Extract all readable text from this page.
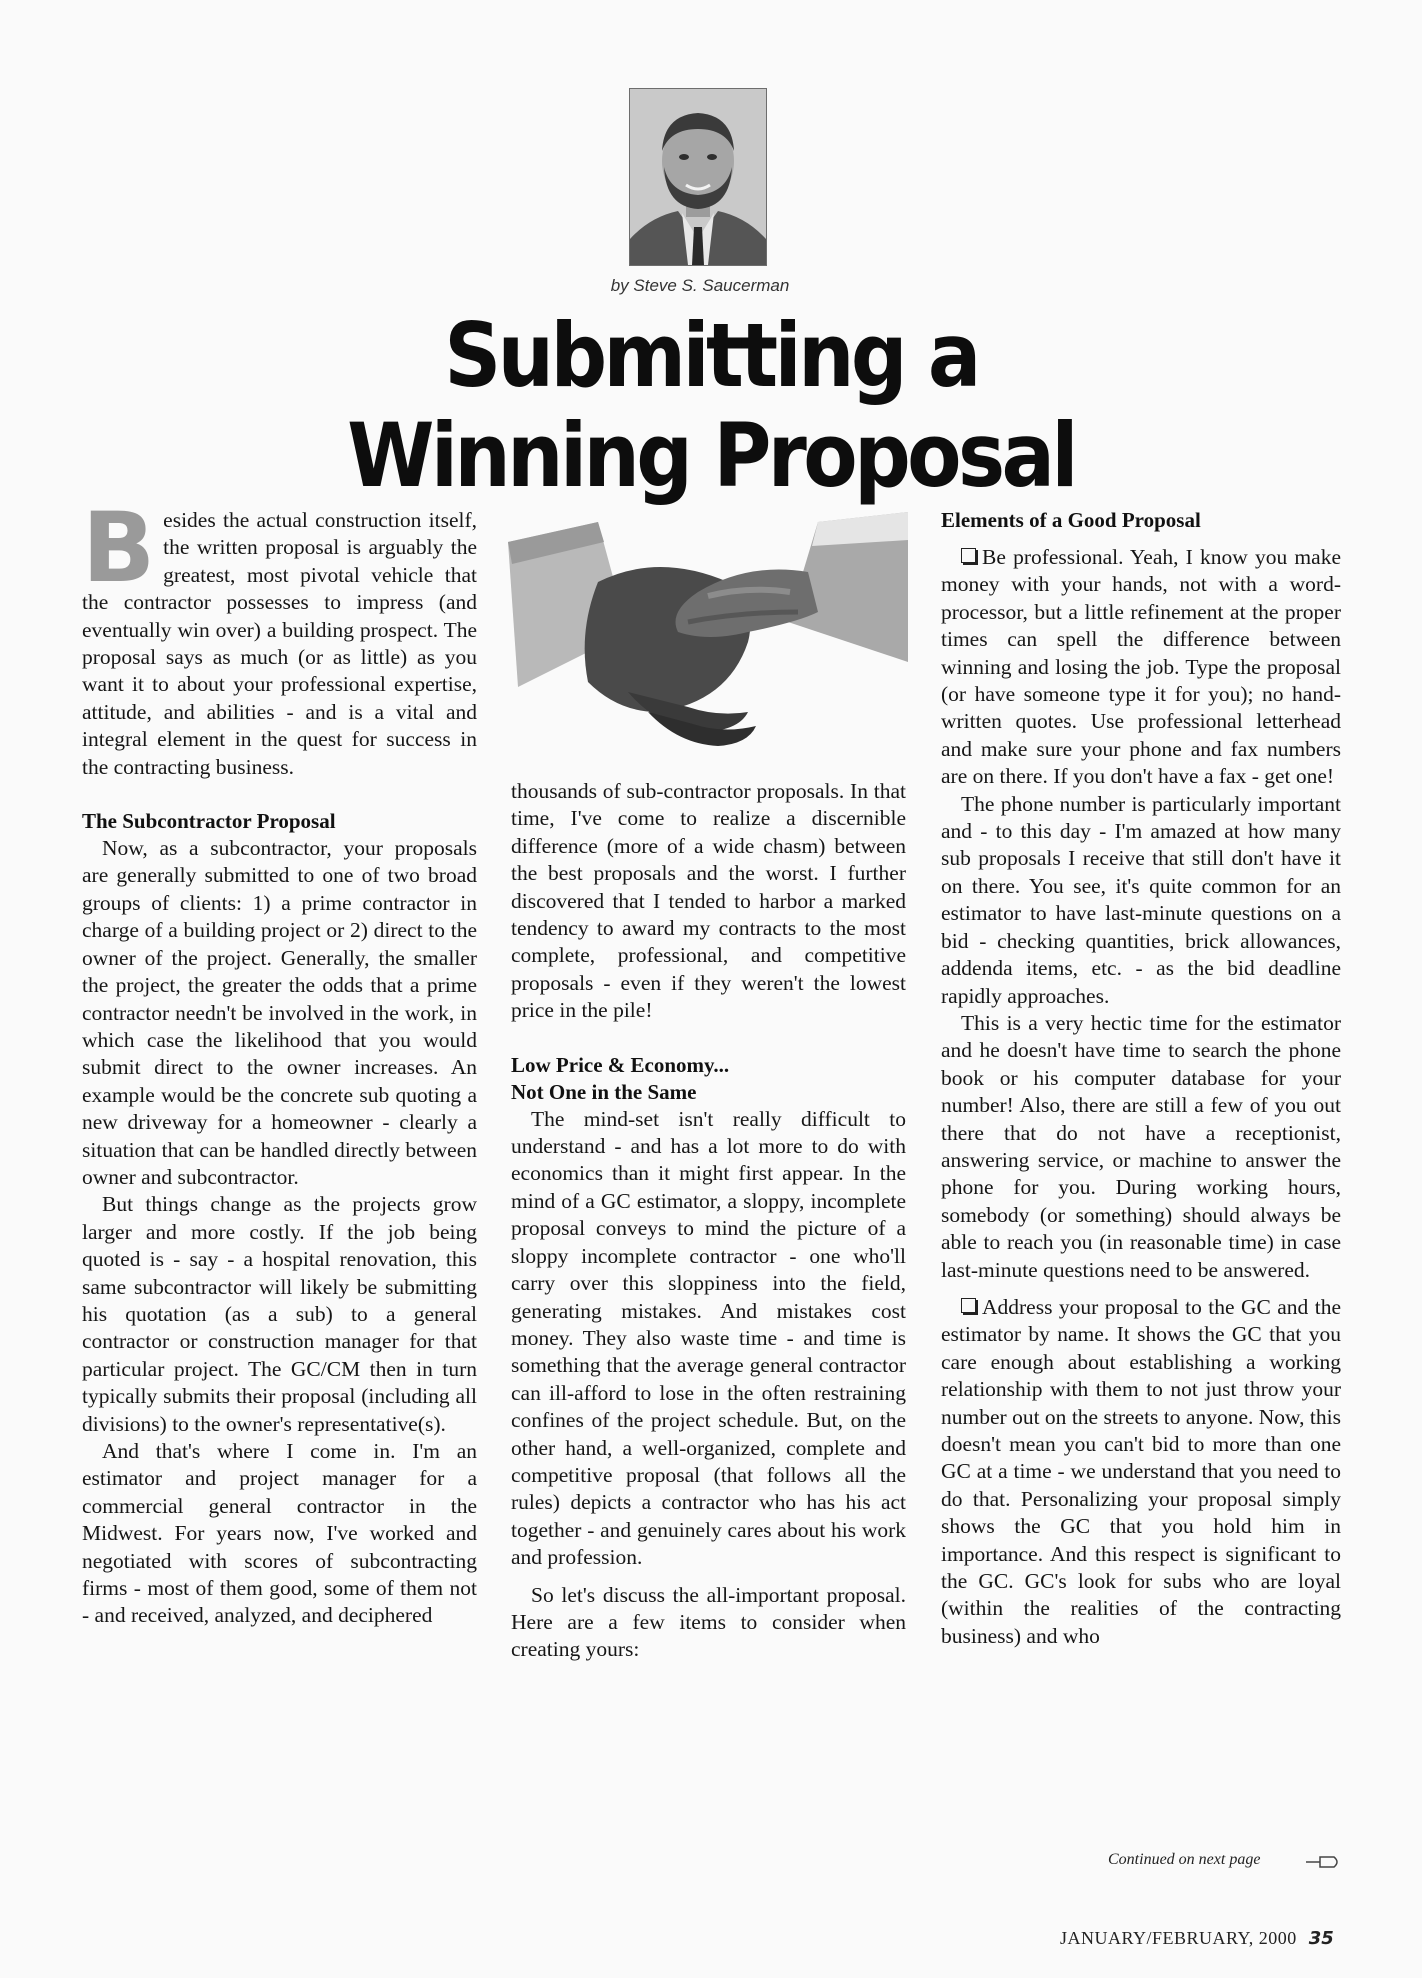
by Steve S. Saucerman
Submitting a
Winning Proposal

Besides the actual construction itself, the written proposal is arguably the greatest, most pivotal vehicle that the contractor possesses to impress (and eventually win over) a building prospect. The proposal says as much (or as little) as you want it to about your professional expertise, attitude, and abilities - and is a vital and integral element in the quest for success in the contracting business.

The Subcontractor Proposal

Now, as a subcontractor, your proposals are generally submitted to one of two broad groups of clients: 1) a prime contractor in charge of a building project or 2) direct to the owner of the project. Generally, the smaller the project, the greater the odds that a prime contractor needn't be involved in the work, in which case the likelihood that you would submit direct to the owner increases. An example would be the concrete sub quoting a new driveway for a homeowner - clearly a situation that can be handled directly between owner and subcontractor.

But things change as the projects grow larger and more costly. If the job being quoted is - say - a hospital renovation, this same subcontractor will likely be submitting his quotation (as a sub) to a general contractor or construction manager for that particular project. The GC/CM then in turn typically submits their proposal (including all divisions) to the owner's representative(s).

And that's where I come in. I'm an estimator and project manager for a commercial general contractor in the Midwest. For years now, I've worked and negotiated with scores of subcontracting firms - most of them good, some of them not - and received, analyzed, and deciphered

thousands of sub-contractor proposals. In that time, I've come to realize a discernible difference (more of a wide chasm) between the best proposals and the worst. I further discovered that I tended to harbor a marked tendency to award my contracts to the most complete, professional, and competitive proposals - even if they weren't the lowest price in the pile!

Low Price & Economy...
Not One in the Same

The mind-set isn't really difficult to understand - and has a lot more to do with economics than it might first appear. In the mind of a GC estimator, a sloppy, incomplete proposal conveys to mind the picture of a sloppy incomplete contractor - one who'll carry over this sloppiness into the field, generating mistakes. And mistakes cost money. They also waste time - and time is something that the average general contractor can ill-afford to lose in the often restraining confines of the project schedule. But, on the other hand, a well-organized, complete and competitive proposal (that follows all the rules) depicts a contractor who has his act together - and genuinely cares about his work and profession.

So let's discuss the all-important proposal. Here are a few items to consider when creating yours:

Elements of a Good Proposal

Be professional. Yeah, I know you make money with your hands, not with a word-processor, but a little refinement at the proper times can spell the difference between winning and losing the job. Type the proposal (or have someone type it for you); no hand-written quotes. Use professional letterhead and make sure your phone and fax numbers are on there. If you don't have a fax - get one!

The phone number is particularly important and - to this day - I'm amazed at how many sub proposals I receive that still don't have it on there. You see, it's quite common for an estimator to have last-minute questions on a bid - checking quantities, brick allowances, addenda items, etc. - as the bid deadline rapidly approaches.

This is a very hectic time for the estimator and he doesn't have time to search the phone book or his computer database for your number! Also, there are still a few of you out there that do not have a receptionist, answering service, or machine to answer the phone for you. During working hours, somebody (or something) should always be able to reach you (in reasonable time) in case last-minute questions need to be answered.

Address your proposal to the GC and the estimator by name. It shows the GC that you care enough about establishing a working relationship with them to not just throw your number out on the streets to anyone. Now, this doesn't mean you can't bid to more than one GC at a time - we understand that you need to do that. Personalizing your proposal simply shows the GC that you hold him in importance. And this respect is significant to the GC. GC's look for subs who are loyal (within the realities of the contracting business) and who

Continued on next page
JANUARY/FEBRUARY, 2000 35
